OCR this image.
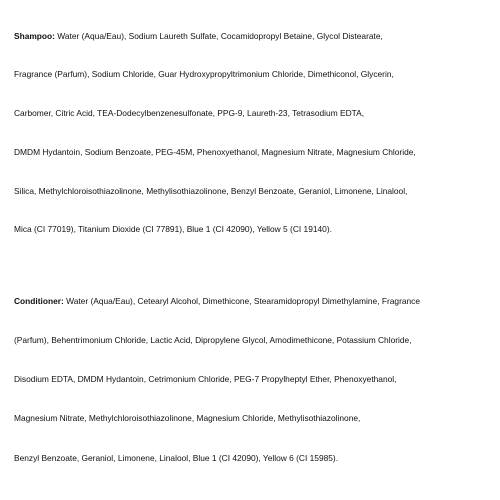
Shampoo: Water (Aqua/Eau), Sodium Laureth Sulfate, Cocamidopropyl Betaine, Glycol Distearate,
Fragrance (Parfum), Sodium Chloride, Guar Hydroxypropyltrimonium Chloride, Dimethiconol, Glycerin,
Carbomer, Citric Acid, TEA-Dodecylbenzenesulfonate, PPG-9, Laureth-23, Tetrasodium EDTA,
DMDM Hydantoin, Sodium Benzoate, PEG-45M, Phenoxyethanol, Magnesium Nitrate, Magnesium Chloride,
Silica, Methylchloroisothiazolinone, Methylisothiazolinone, Benzyl Benzoate, Geraniol, Limonene, Linalool,
Mica (CI 77019), Titanium Dioxide (CI 77891), Blue 1 (CI 42090), Yellow 5 (CI 19140).
Conditioner: Water (Aqua/Eau), Cetearyl Alcohol, Dimethicone, Stearamidopropyl Dimethylamine, Fragrance
(Parfum), Behentrimonium Chloride, Lactic Acid, Dipropylene Glycol, Amodimethicone, Potassium Chloride,
Disodium EDTA, DMDM Hydantoin, Cetrimonium Chloride, PEG-7 Propylheptyl Ether, Phenoxyethanol,
Magnesium Nitrate, Methylchloroisothiazolinone, Magnesium Chloride, Methylisothiazolinone,
Benzyl Benzoate, Geraniol, Limonene, Linalool, Blue 1 (CI 42090), Yellow 6 (CI 15985).
